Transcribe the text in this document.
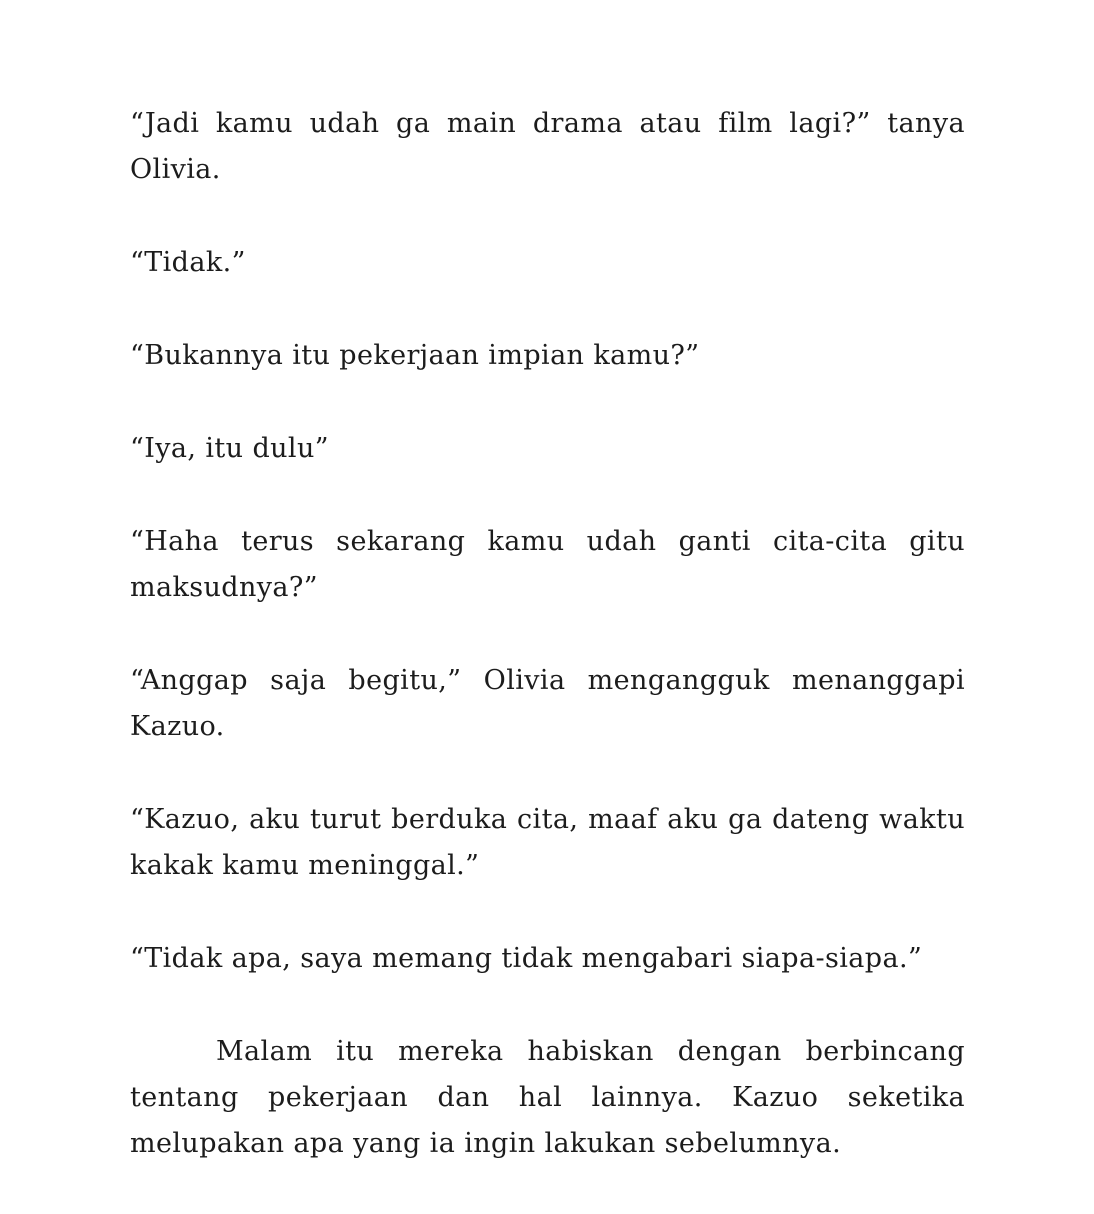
“Jadi kamu udah ga main drama atau film lagi?” tanya Olivia.

“Tidak.”

“Bukannya itu pekerjaan impian kamu?”

“Iya, itu dulu”

“Haha terus sekarang kamu udah ganti cita-cita gitu maksudnya?”

“Anggap saja begitu,” Olivia mengangguk menanggapi Kazuo.

“Kazuo, aku turut berduka cita, maaf aku ga dateng waktu kakak kamu meninggal.”

“Tidak apa, saya memang tidak mengabari siapa-siapa.”

Malam itu mereka habiskan dengan berbincang tentang pekerjaan dan hal lainnya. Kazuo seketika melupakan apa yang ia ingin lakukan sebelumnya.
